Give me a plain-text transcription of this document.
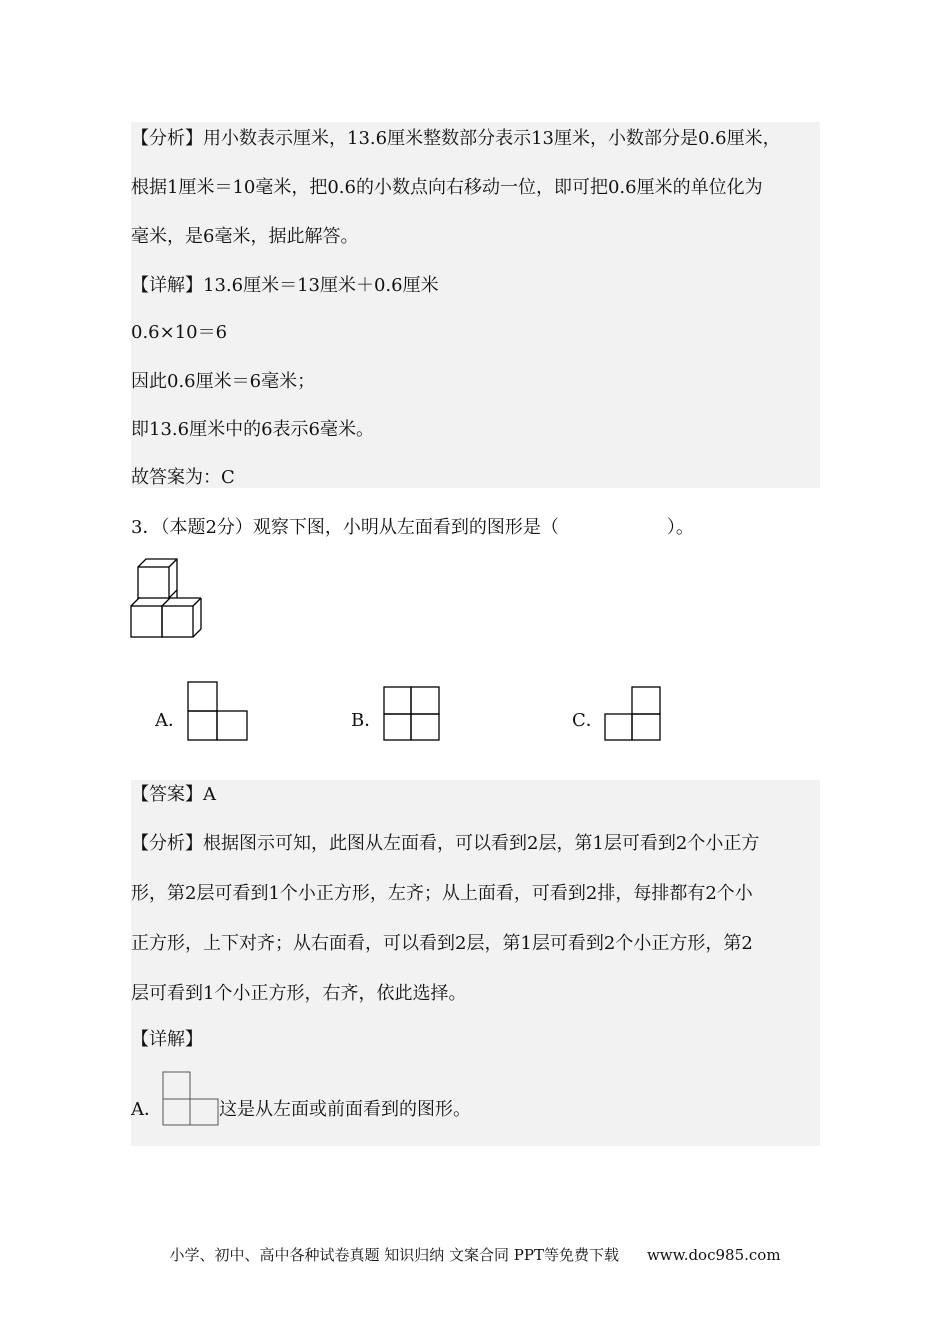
【分析】用小数表示厘米，13.6厘米整数部分表示13厘米，小数部分是0.6厘米，
根据1厘米＝10毫米，把0.6的小数点向右移动一位，即可把0.6厘米的单位化为
毫米，是6毫米，据此解答。
【详解】13.6厘米＝13厘米＋0.6厘米
0.6×10＝6
因此0.6厘米＝6毫米；
即13.6厘米中的6表示6毫米。
故答案为：C
3．（本题2分）观察下图，小明从左面看到的图形是（　　　　　　）。
A．	B．	C．
【答案】A
【分析】根据图示可知，此图从左面看，可以看到2层，第1层可看到2个小正方
形，第2层可看到1个小正方形，左齐；从上面看，可看到2排，每排都有2个小
正方形，上下对齐；从右面看，可以看到2层，第1层可看到2个小正方形，第2
层可看到1个小正方形，右齐，依此选择。
【详解】
A．	这是从左面或前面看到的图形。
小学、初中、高中各种试卷真题 知识归纳 文案合同 PPT等免费下载 www.doc985.com
